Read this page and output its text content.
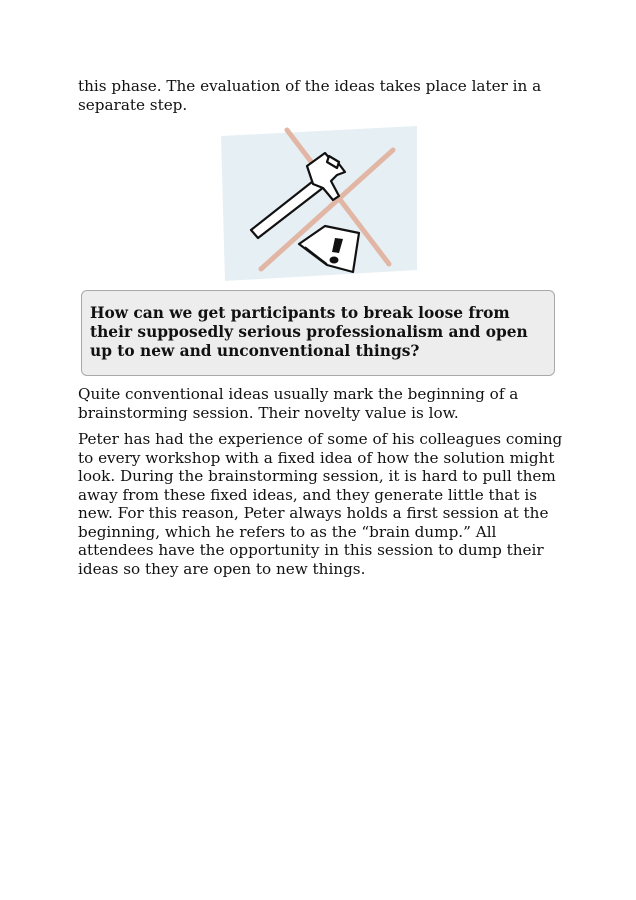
this phase. The evaluation of the ideas takes place later in a separate step.

How can we get participants to break loose from their supposedly serious professionalism and open up to new and unconventional things?

Quite conventional ideas usually mark the beginning of a brainstorming session. Their novelty value is low.

Peter has had the experience of some of his colleagues coming to every workshop with a fixed idea of how the solution might look. During the brainstorming session, it is hard to pull them away from these fixed ideas, and they generate little that is new. For this reason, Peter always holds a first session at the beginning, which he refers to as the “brain dump.” All attendees have the opportunity in this session to dump their ideas so they are open to new things.
